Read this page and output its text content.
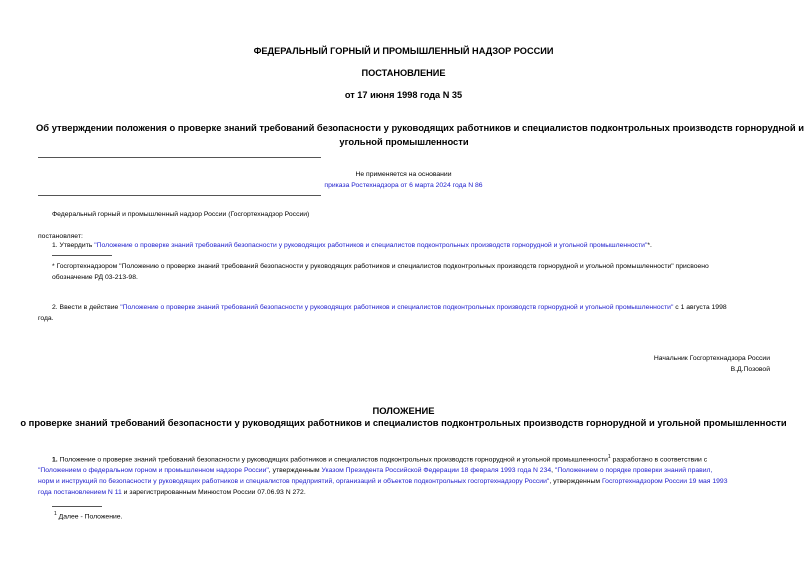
ФЕДЕРАЛЬНЫЙ ГОРНЫЙ И ПРОМЫШЛЕННЫЙ НАДЗОР РОССИИ
ПОСТАНОВЛЕНИЕ
от 17 июня 1998 года N 35
Об утверждении положения о проверке знаний требований безопасности у руководящих работников и специалистов подконтрольных производств горнорудной и
угольной промышленности
Не применяется на основании
приказа Ростехнадзора от 6 марта 2024 года N 86
Федеральный горный и промышленный надзор России (Госгортехнадзор России)
постановляет:
1. Утвердить "Положение о проверке знаний требований безопасности у руководящих работников и специалистов подконтрольных производств горнорудной и угольной промышленности"*.
* Госгортехнадзором "Положению о проверке знаний требований безопасности у руководящих работников и специалистов подконтрольных производств горнорудной и угольной промышленности" присвоено
обозначение РД 03-213-98.
2. Ввести в действие "Положение о проверке знаний требований безопасности у руководящих работников и специалистов подконтрольных производств горнорудной и угольной промышленности" с 1 августа 1998
года.
Начальник Госгортехнадзора России
В.Д.Позовой
ПОЛОЖЕНИЕ
о проверке знаний требований безопасности у руководящих работников и специалистов подконтрольных производств горнорудной и угольной промышленности
1. Положение о проверке знаний требований безопасности у руководящих работников и специалистов подконтрольных производств горнорудной и угольной промышленности$^1$ разработано в соответствии с
"Положением о федеральном горном и промышленном надзоре России", утвержденным Указом Президента Российской Федерации 18 февраля 1993 года N 234, "Положением о порядке проверки знаний правил,
норм и инструкций по безопасности у руководящих работников и специалистов предприятий, организаций и объектов подконтрольных госгортехнадзору России", утвержденным Госгортехнадзором России 19 мая 1993
года постановлением N 11 и зарегистрированным Минюстом России 07.06.93 N 272.
$^1$ Далее - Положение.
